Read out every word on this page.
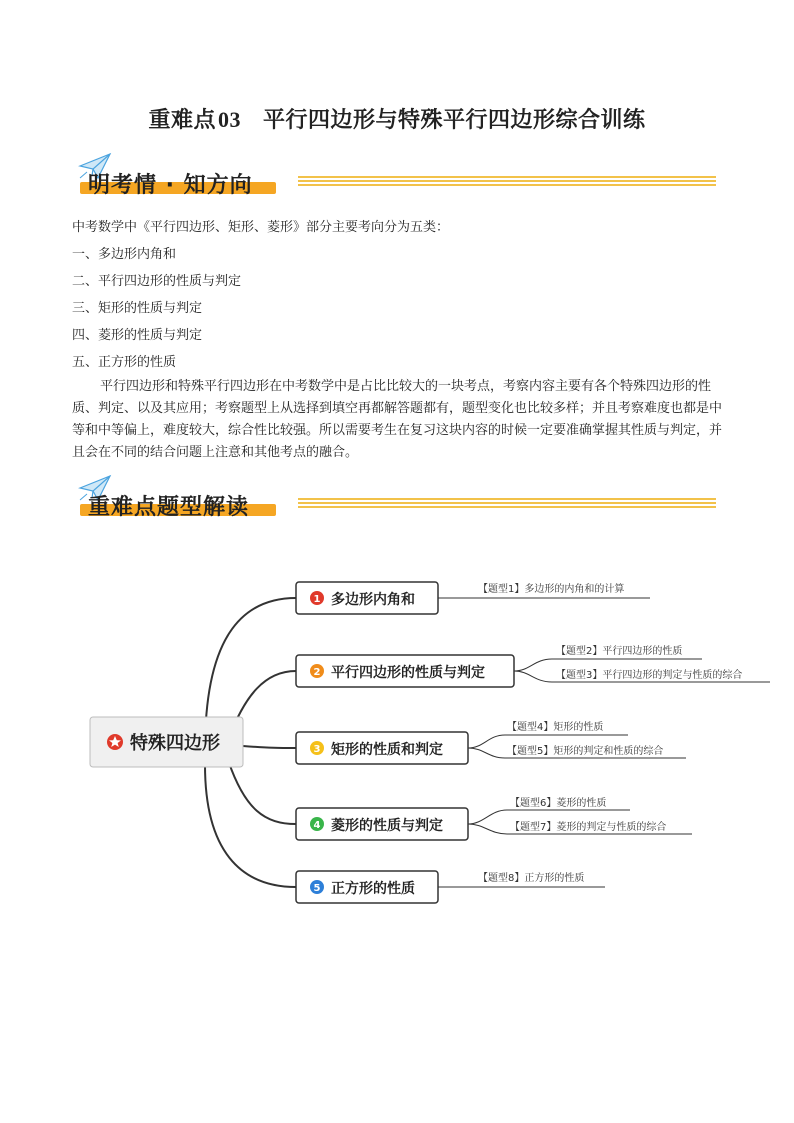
重难点03 平行四边形与特殊平行四边形综合训练
明考情 · 知方向
中考数学中《平行四边形、矩形、菱形》部分主要考向分为五类：
一、多边形内角和
二、平行四边形的性质与判定
三、矩形的性质与判定
四、菱形的性质与判定
五、正方形的性质
平行四边形和特殊平行四边形在中考数学中是占比比较大的一块考点，考察内容主要有各个特殊四边形的性质、判定、以及其应用；考察题型上从选择到填空再都解答题都有，题型变化也比较多样；并且考察难度也都是中等和中等偏上，难度较大，综合性比较强。所以需要考生在复习这块内容的时候一定要准确掌握其性质与判定，并且会在不同的结合问题上注意和其他考点的融合。
重难点题型解读
特殊四边形
1 多边形内角和
【题型1】多边形的内角和的计算
2 平行四边形的性质与判定
【题型2】平行四边形的性质
【题型3】平行四边形的判定与性质的综合
3 矩形的性质和判定
【题型4】矩形的性质
【题型5】矩形的判定和性质的综合
4 菱形的性质与判定
【题型6】菱形的性质
【题型7】菱形的判定与性质的综合
5 正方形的性质
【题型8】正方形的性质
